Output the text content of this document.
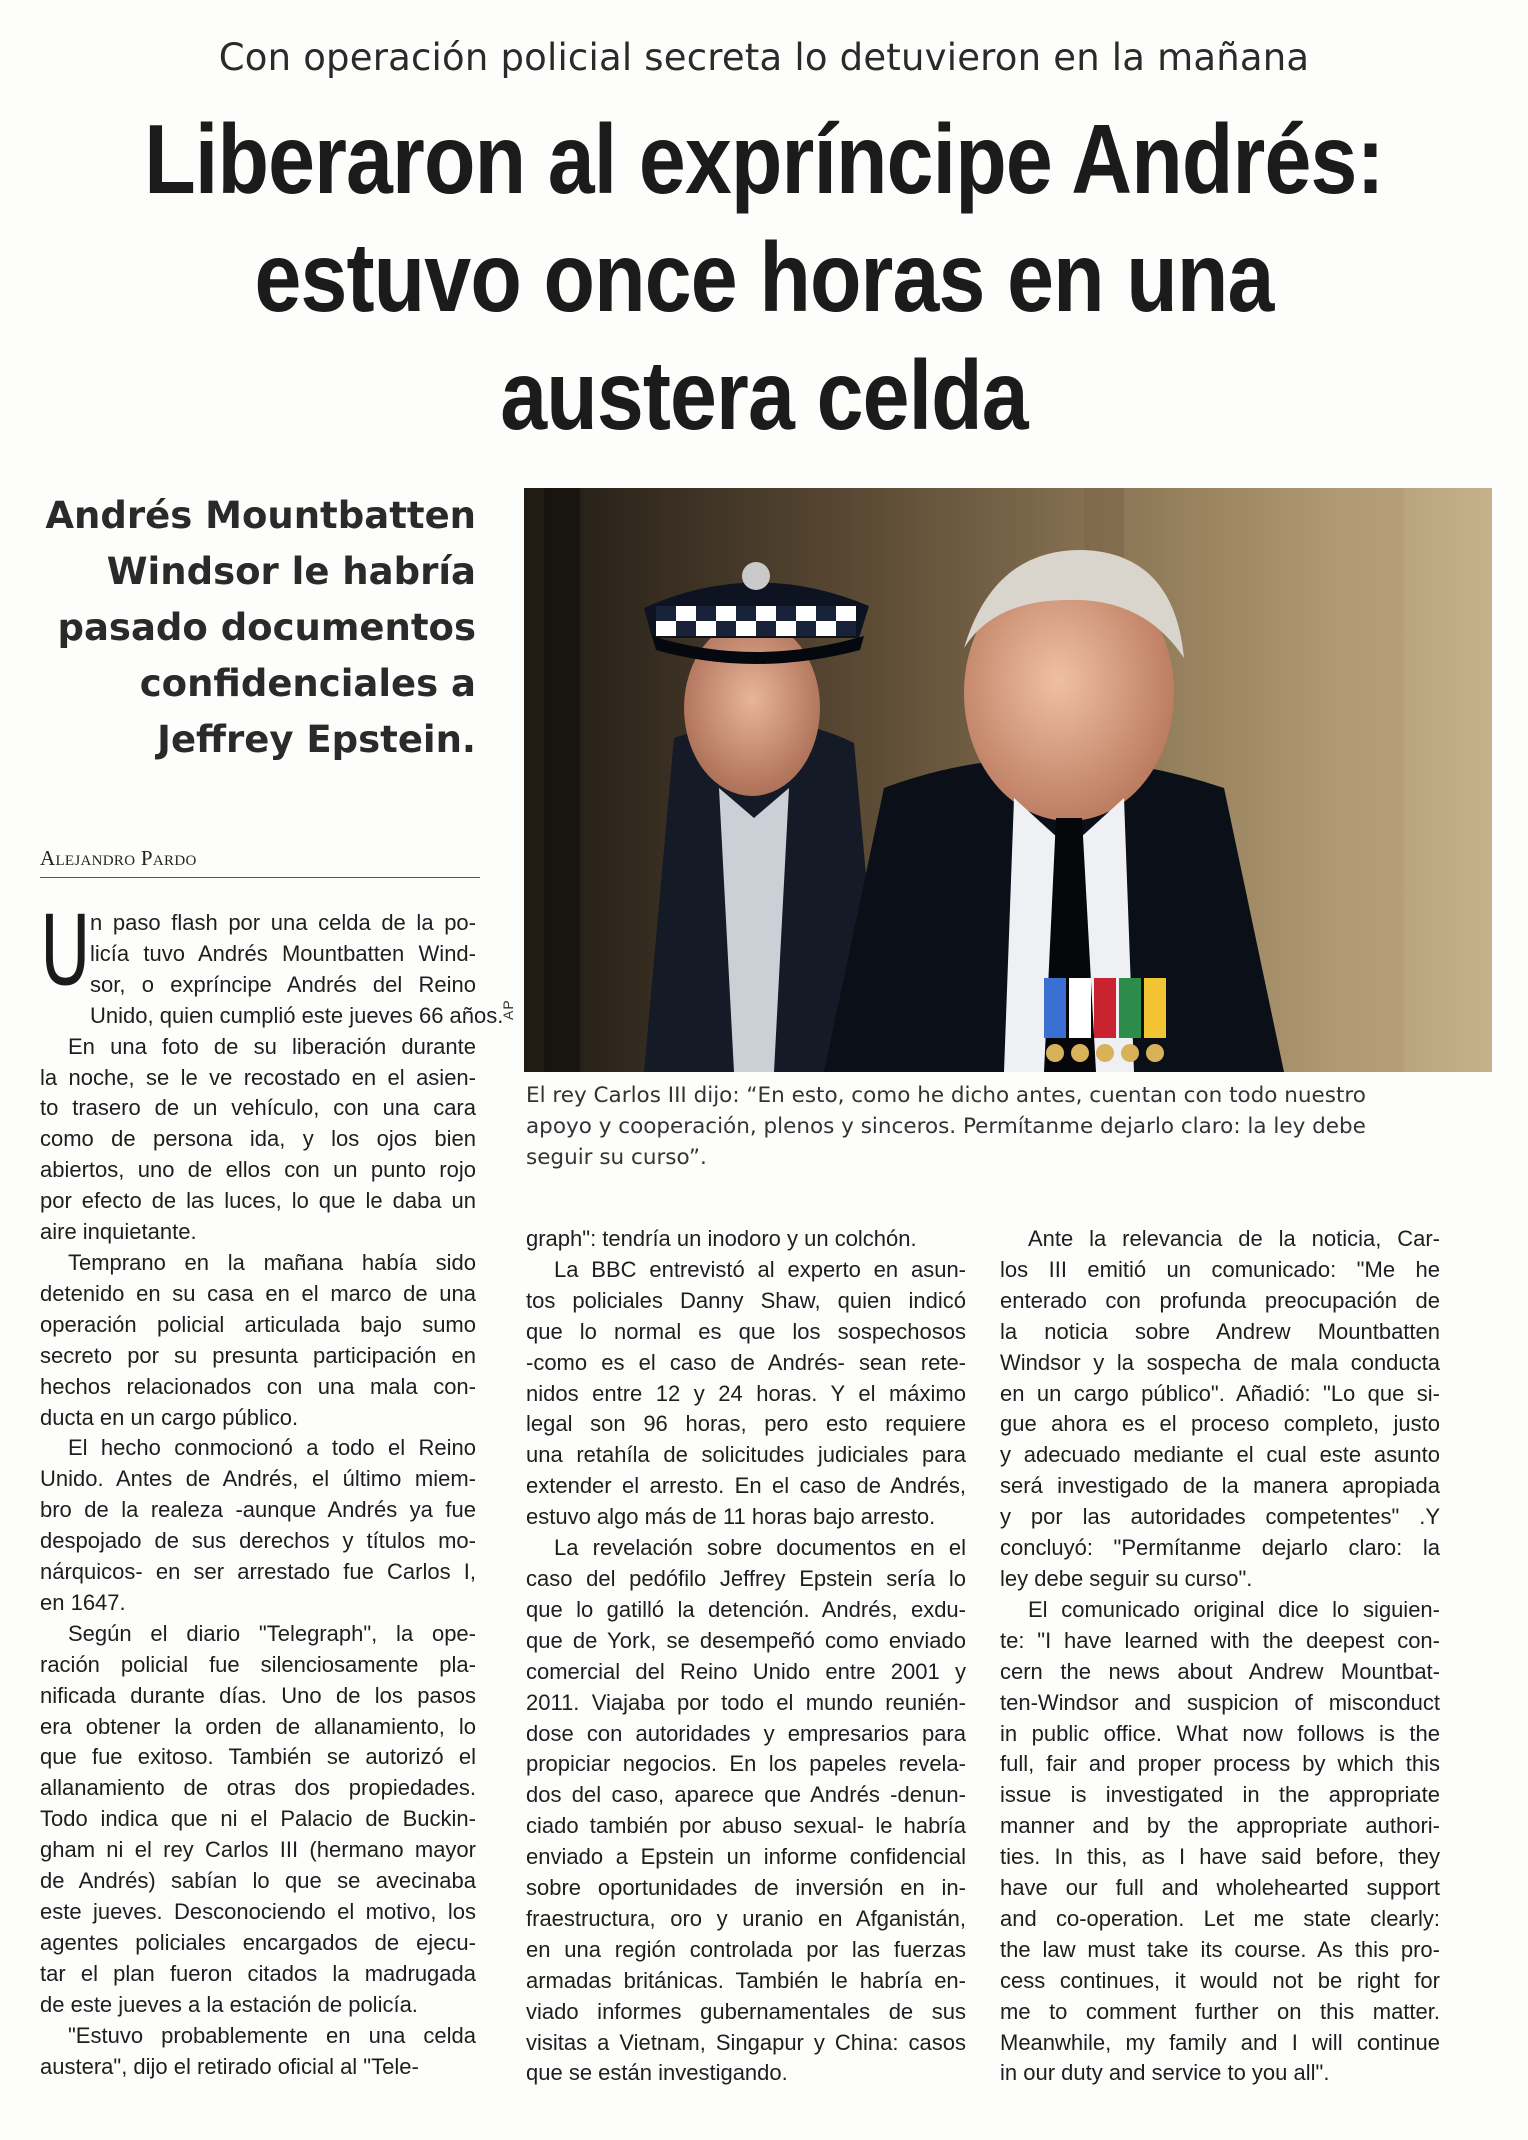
Con operación policial secreta lo detuvieron en la mañana
Liberaron al expríncipe Andrés:
estuvo once horas en una
austera celda
Andrés Mountbatten
Windsor le habría
pasado documentos
confidenciales a
Jeffrey Epstein.
Alejandro Pardo
AP
El rey Carlos III dijo: “En esto, como he dicho antes, cuentan con todo nuestro
apoyo y cooperación, plenos y sinceros. Permítanme dejarlo claro: la ley debe
seguir su curso”.
U n paso flash por una celda de la po-
licía tuvo Andrés Mountbatten Wind-
sor, o expríncipe Andrés del Reino
Unido, quien cumplió este jueves 66 años.
En una foto de su liberación durante
la noche, se le ve recostado en el asien-
to trasero de un vehículo, con una cara
como de persona ida, y los ojos bien
abiertos, uno de ellos con un punto rojo
por efecto de las luces, lo que le daba un
aire inquietante.
Temprano en la mañana había sido
detenido en su casa en el marco de una
operación policial articulada bajo sumo
secreto por su presunta participación en
hechos relacionados con una mala con-
ducta en un cargo público.
El hecho conmocionó a todo el Reino
Unido. Antes de Andrés, el último miem-
bro de la realeza -aunque Andrés ya fue
despojado de sus derechos y títulos mo-
nárquicos- en ser arrestado fue Carlos I,
en 1647.
Según el diario "Telegraph", la ope-
ración policial fue silenciosamente pla-
nificada durante días. Uno de los pasos
era obtener la orden de allanamiento, lo
que fue exitoso. También se autorizó el
allanamiento de otras dos propiedades.
Todo indica que ni el Palacio de Buckin-
gham ni el rey Carlos III (hermano mayor
de Andrés) sabían lo que se avecinaba
este jueves. Desconociendo el motivo, los
agentes policiales encargados de ejecu-
tar el plan fueron citados la madrugada
de este jueves a la estación de policía.
"Estuvo probablemente en una celda
austera", dijo el retirado oficial al "Tele-
graph": tendría un inodoro y un colchón.
La BBC entrevistó al experto en asun-
tos policiales Danny Shaw, quien indicó
que lo normal es que los sospechosos
-como es el caso de Andrés- sean rete-
nidos entre 12 y 24 horas. Y el máximo
legal son 96 horas, pero esto requiere
una retahíla de solicitudes judiciales para
extender el arresto. En el caso de Andrés,
estuvo algo más de 11 horas bajo arresto.
La revelación sobre documentos en el
caso del pedófilo Jeffrey Epstein sería lo
que lo gatilló la detención. Andrés, exdu-
que de York, se desempeñó como enviado
comercial del Reino Unido entre 2001 y
2011. Viajaba por todo el mundo reunién-
dose con autoridades y empresarios para
propiciar negocios. En los papeles revela-
dos del caso, aparece que Andrés -denun-
ciado también por abuso sexual- le habría
enviado a Epstein un informe confidencial
sobre oportunidades de inversión en in-
fraestructura, oro y uranio en Afganistán,
en una región controlada por las fuerzas
armadas británicas. También le habría en-
viado informes gubernamentales de sus
visitas a Vietnam, Singapur y China: casos
que se están investigando.
Ante la relevancia de la noticia, Car-
los III emitió un comunicado: "Me he
enterado con profunda preocupación de
la noticia sobre Andrew Mountbatten
Windsor y la sospecha de mala conducta
en un cargo público". Añadió: "Lo que si-
gue ahora es el proceso completo, justo
y adecuado mediante el cual este asunto
será investigado de la manera apropiada
y por las autoridades competentes" .Y
concluyó: "Permítanme dejarlo claro: la
ley debe seguir su curso".
El comunicado original dice lo siguien-
te: "I have learned with the deepest con-
cern the news about Andrew Mountbat-
ten-Windsor and suspicion of misconduct
in public office. What now follows is the
full, fair and proper process by which this
issue is investigated in the appropriate
manner and by the appropriate authori-
ties. In this, as I have said before, they
have our full and wholehearted support
and co-operation. Let me state clearly:
the law must take its course. As this pro-
cess continues, it would not be right for
me to comment further on this matter.
Meanwhile, my family and I will continue
in our duty and service to you all".
